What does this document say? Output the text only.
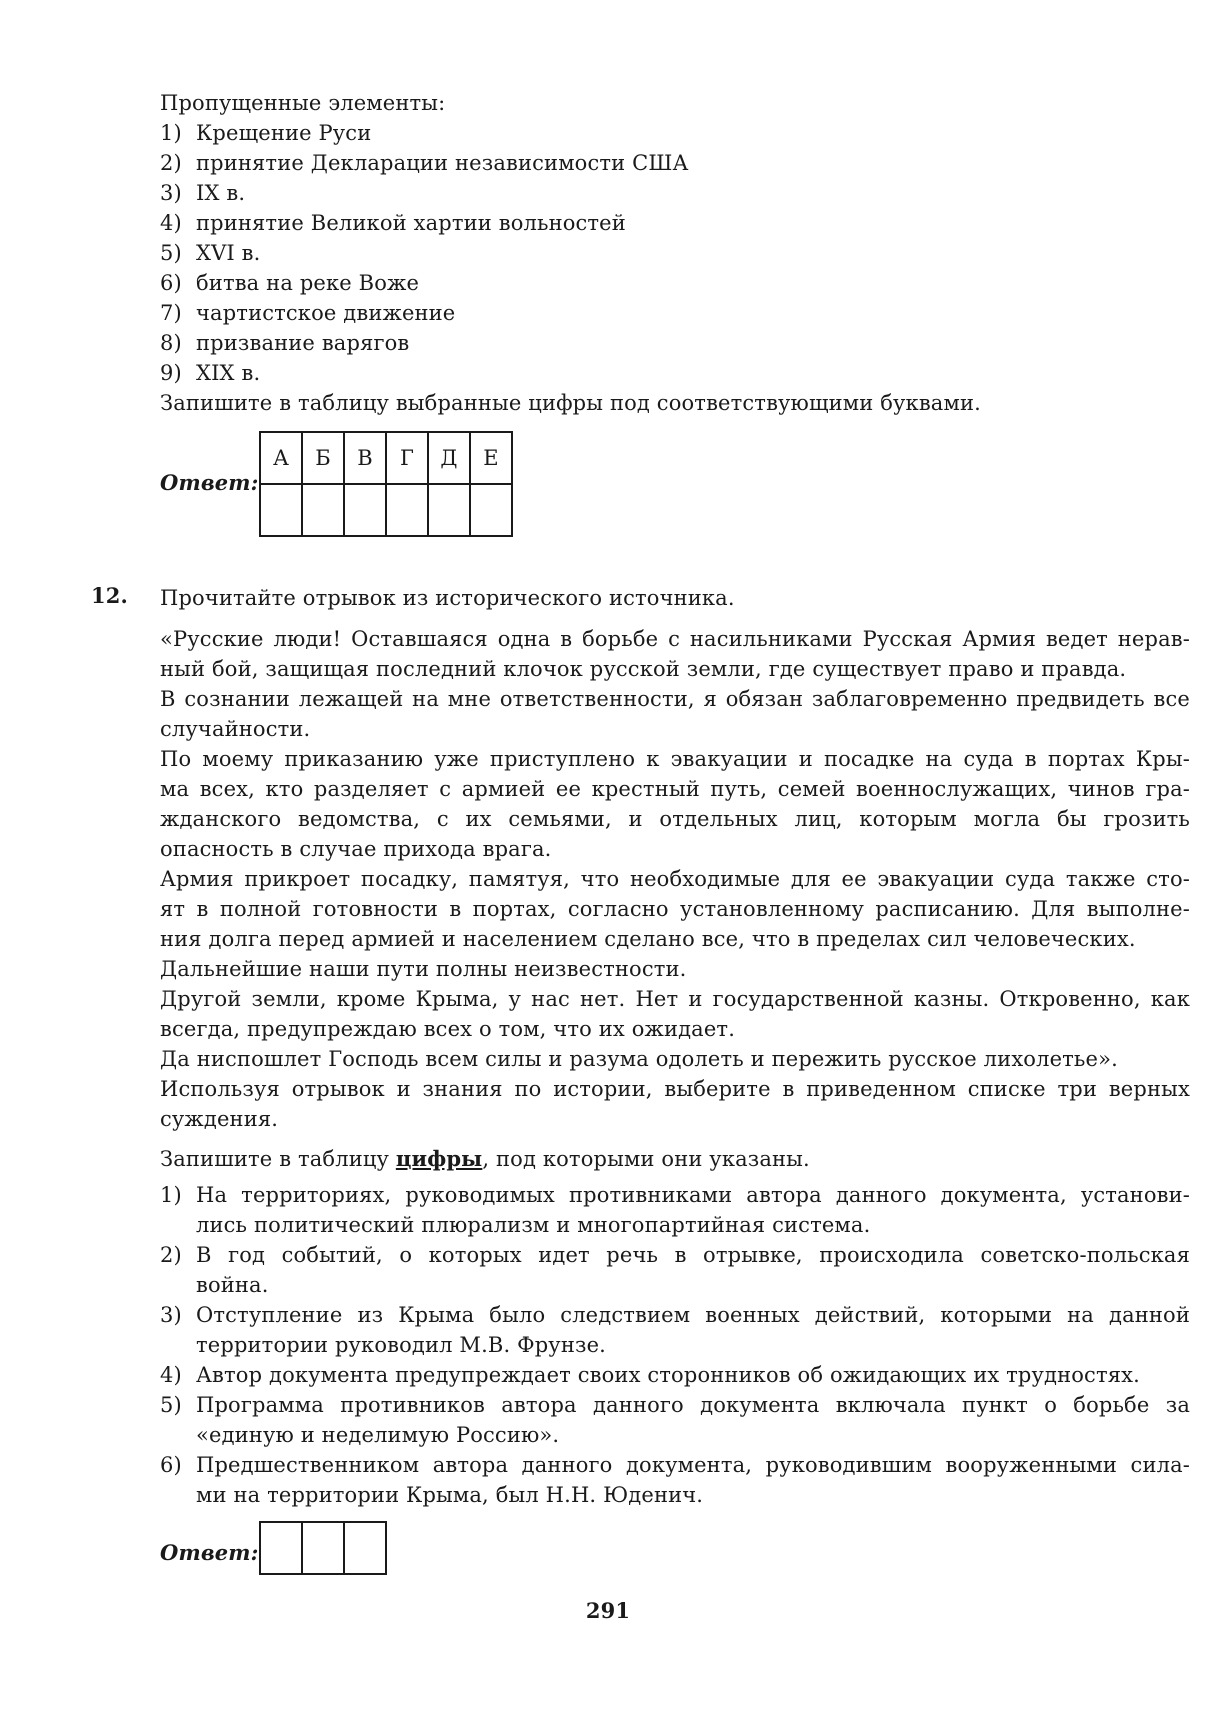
Пропущенные элементы:
1) Крещение Руси
2) принятие Декларации независимости США
3) IX в.
4) принятие Великой хартии вольностей
5) XVI в.
6) битва на реке Воже
7) чартистское движение
8) призвание варягов
9) XIX в.
Запишите в таблицу выбранные цифры под соответствующими буквами.
Ответ:
А	Б	В	Г	Д	Е

12. Прочитайте отрывок из исторического источника.
«Русские люди! Оставшаяся одна в борьбе с насильниками Русская Армия ведет нерав-
ный бой, защищая последний клочок русской земли, где существует право и правда.
В сознании лежащей на мне ответственности, я обязан заблаговременно предвидеть все
случайности.
По моему приказанию уже приступлено к эвакуации и посадке на суда в портах Кры-
ма всех, кто разделяет с армией ее крестный путь, семей военнослужащих, чинов гра-
жданского ведомства, с их семьями, и отдельных лиц, которым могла бы грозить
опасность в случае прихода врага.
Армия прикроет посадку, памятуя, что необходимые для ее эвакуации суда также сто-
ят в полной готовности в портах, согласно установленному расписанию. Для выполне-
ния долга перед армией и населением сделано все, что в пределах сил человеческих.
Дальнейшие наши пути полны неизвестности.
Другой земли, кроме Крыма, у нас нет. Нет и государственной казны. Откровенно, как
всегда, предупреждаю всех о том, что их ожидает.
Да ниспошлет Господь всем силы и разума одолеть и пережить русское лихолетье».
Используя отрывок и знания по истории, выберите в приведенном списке три верных
суждения.
Запишите в таблицу цифры, под которыми они указаны.
1) На территориях, руководимых противниками автора данного документа, установи-
лись политический плюрализм и многопартийная система.
2) В год событий, о которых идет речь в отрывке, происходила советско-польская
война.
3) Отступление из Крыма было следствием военных действий, которыми на данной
территории руководил М.В. Фрунзе.
4) Автор документа предупреждает своих сторонников об ожидающих их трудностях.
5) Программа противников автора данного документа включала пункт о борьбе за
«единую и неделимую Россию».
6) Предшественником автора данного документа, руководившим вооруженными сила-
ми на территории Крыма, был Н.Н. Юденич.
Ответ:

291
